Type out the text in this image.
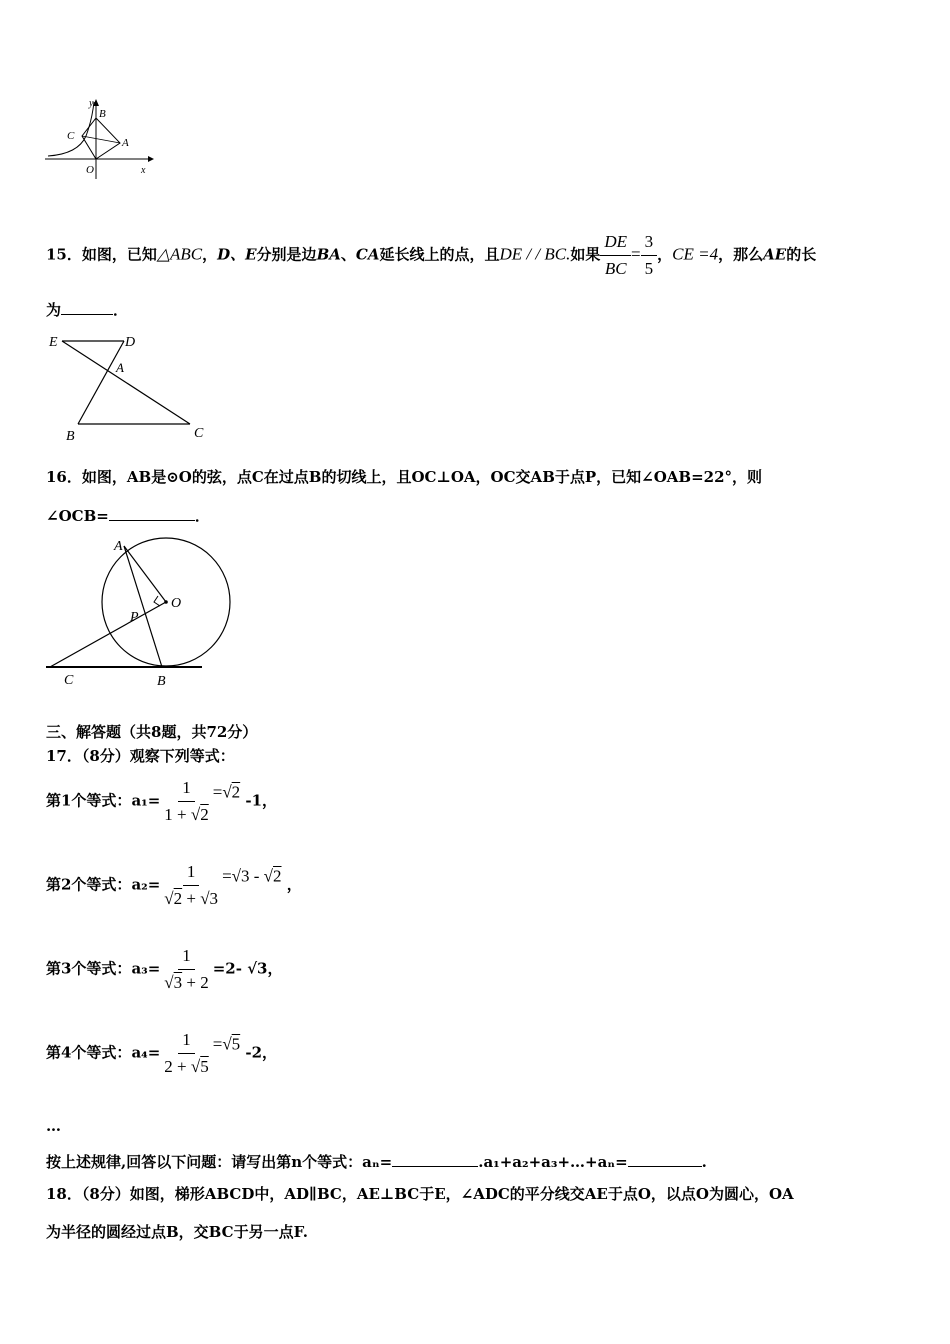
y
B
C
A
O	x
15．如图，已知△ABC，D、E分别是边BA、CA延长线上的点，且DE / / BC.如果 $\frac{DE}{BC} = \frac{3}{5}$ ，CE =4，那么AE的长
为	．
E	D
A
B	C
16．如图，AB是⊙O的弦，点C在过点B的切线上，且OC⊥OA，OC交AB于点P，已知∠OAB=22°，则
∠OCB=	．
A
O
P
C	B
三、解答题（共8题，共72分）
17．（8分）观察下列等式：
第1个等式：$a_1= \frac{1}{1 + √2} =√2$ -1，
第2个等式：$a_2= \frac{1}{√2 + √3} =√3 - √2$ ，
第3个等式：$a_3= \frac{1}{√3 + 2} =2-$ √3，
第4个等式：$a_4= \frac{1}{2 + √5} =√5$ -2，
…
按上述规律,回答以下问题：请写出第n个等式：aₙ=	.a₁+a₂+a₃+…+aₙ=	.
18．（8分）如图，梯形ABCD中，AD∥BC，AE⊥BC于E，∠ADC的平分线交AE于点O，以点O为圆心，OA
为半径的圆经过点B，交BC于另一点F.
